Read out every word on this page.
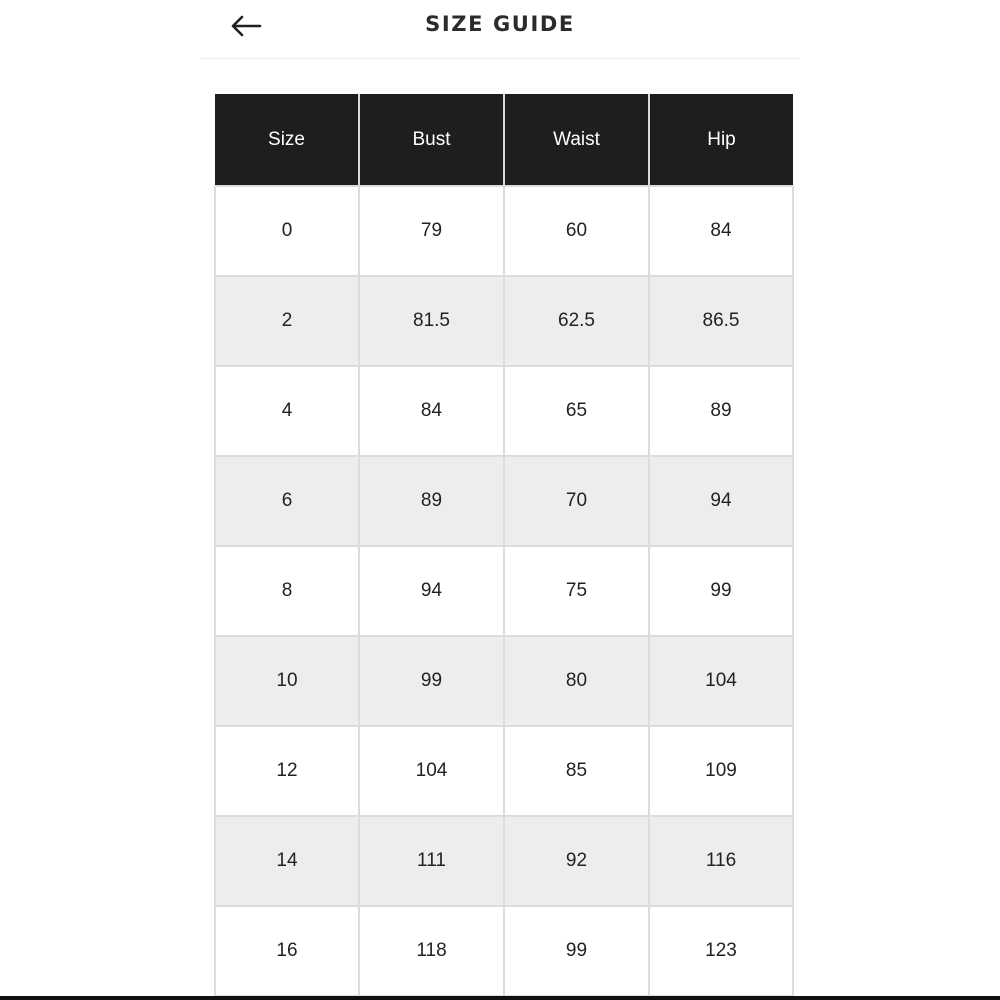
SIZE GUIDE
Size	Bust	Waist	Hip
0	79	60	84
2	81.5	62.5	86.5
4	84	65	89
6	89	70	94
8	94	75	99
10	99	80	104
12	104	85	109
14	111	92	116
16	118	99	123
